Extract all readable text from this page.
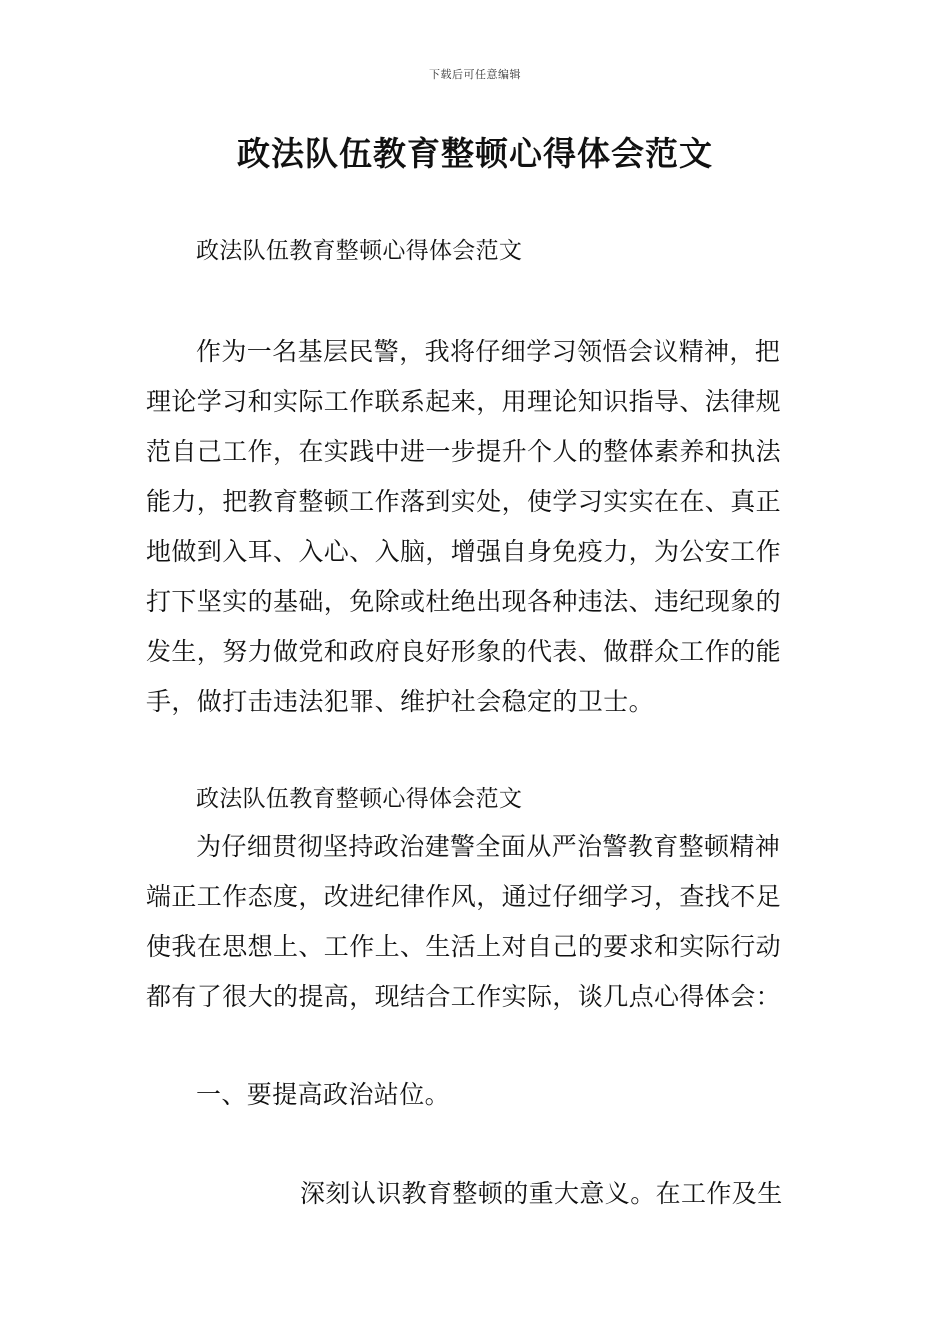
下载后可任意编辑
政法队伍教育整顿心得体会范文

政法队伍教育整顿心得体会范文

作为一名基层民警，我将仔细学习领悟会议精神，把
理论学习和实际工作联系起来，用理论知识指导、法律规
范自己工作，在实践中进一步提升个人的整体素养和执法
能力，把教育整顿工作落到实处，使学习实实在在、真正
地做到入耳、入心、入脑，增强自身免疫力，为公安工作
打下坚实的基础，免除或杜绝出现各种违法、违纪现象的
发生，努力做党和政府良好形象的代表、做群众工作的能
手，做打击违法犯罪、维护社会稳定的卫士。

政法队伍教育整顿心得体会范文

为仔细贯彻坚持政治建警全面从严治警教育整顿精神
端正工作态度，改进纪律作风，通过仔细学习，查找不足
使我在思想上、工作上、生活上对自己的要求和实际行动
都有了很大的提高，现结合工作实际，谈几点心得体会：
一、要提高政治站位。
深刻认识教育整顿的重大意义。在工作及生
